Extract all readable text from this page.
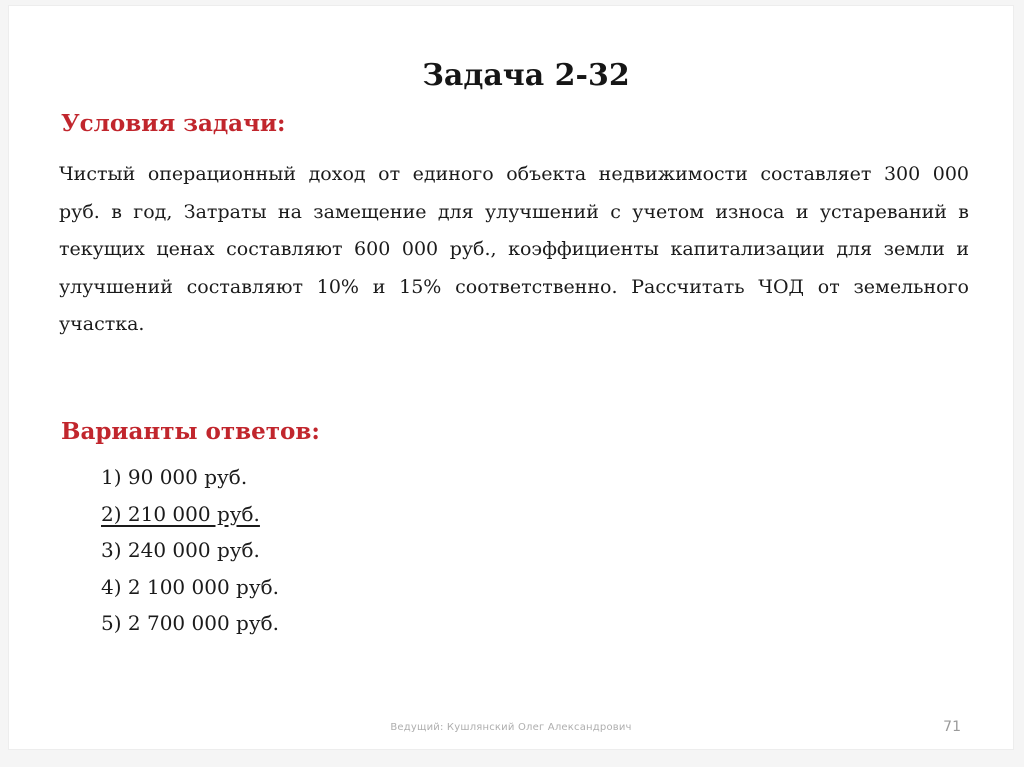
Задача 2-32
Условия задачи:
Чистый операционный доход от единого объекта недвижимости составляет 300 000
руб. в год, Затраты на замещение для улучшений с учетом износа и устареваний в
текущих ценах составляют 600 000 руб., коэффициенты капитализации для земли и
улучшений составляют 10% и 15% соответственно. Рассчитать ЧОД от земельного
участка.
Варианты ответов:
1) 90 000 руб.
2) 210 000 руб.
3) 240 000 руб.
4) 2 100 000 руб.
5) 2 700 000 руб.
Ведущий: Кушлянский Олег Александрович	71
